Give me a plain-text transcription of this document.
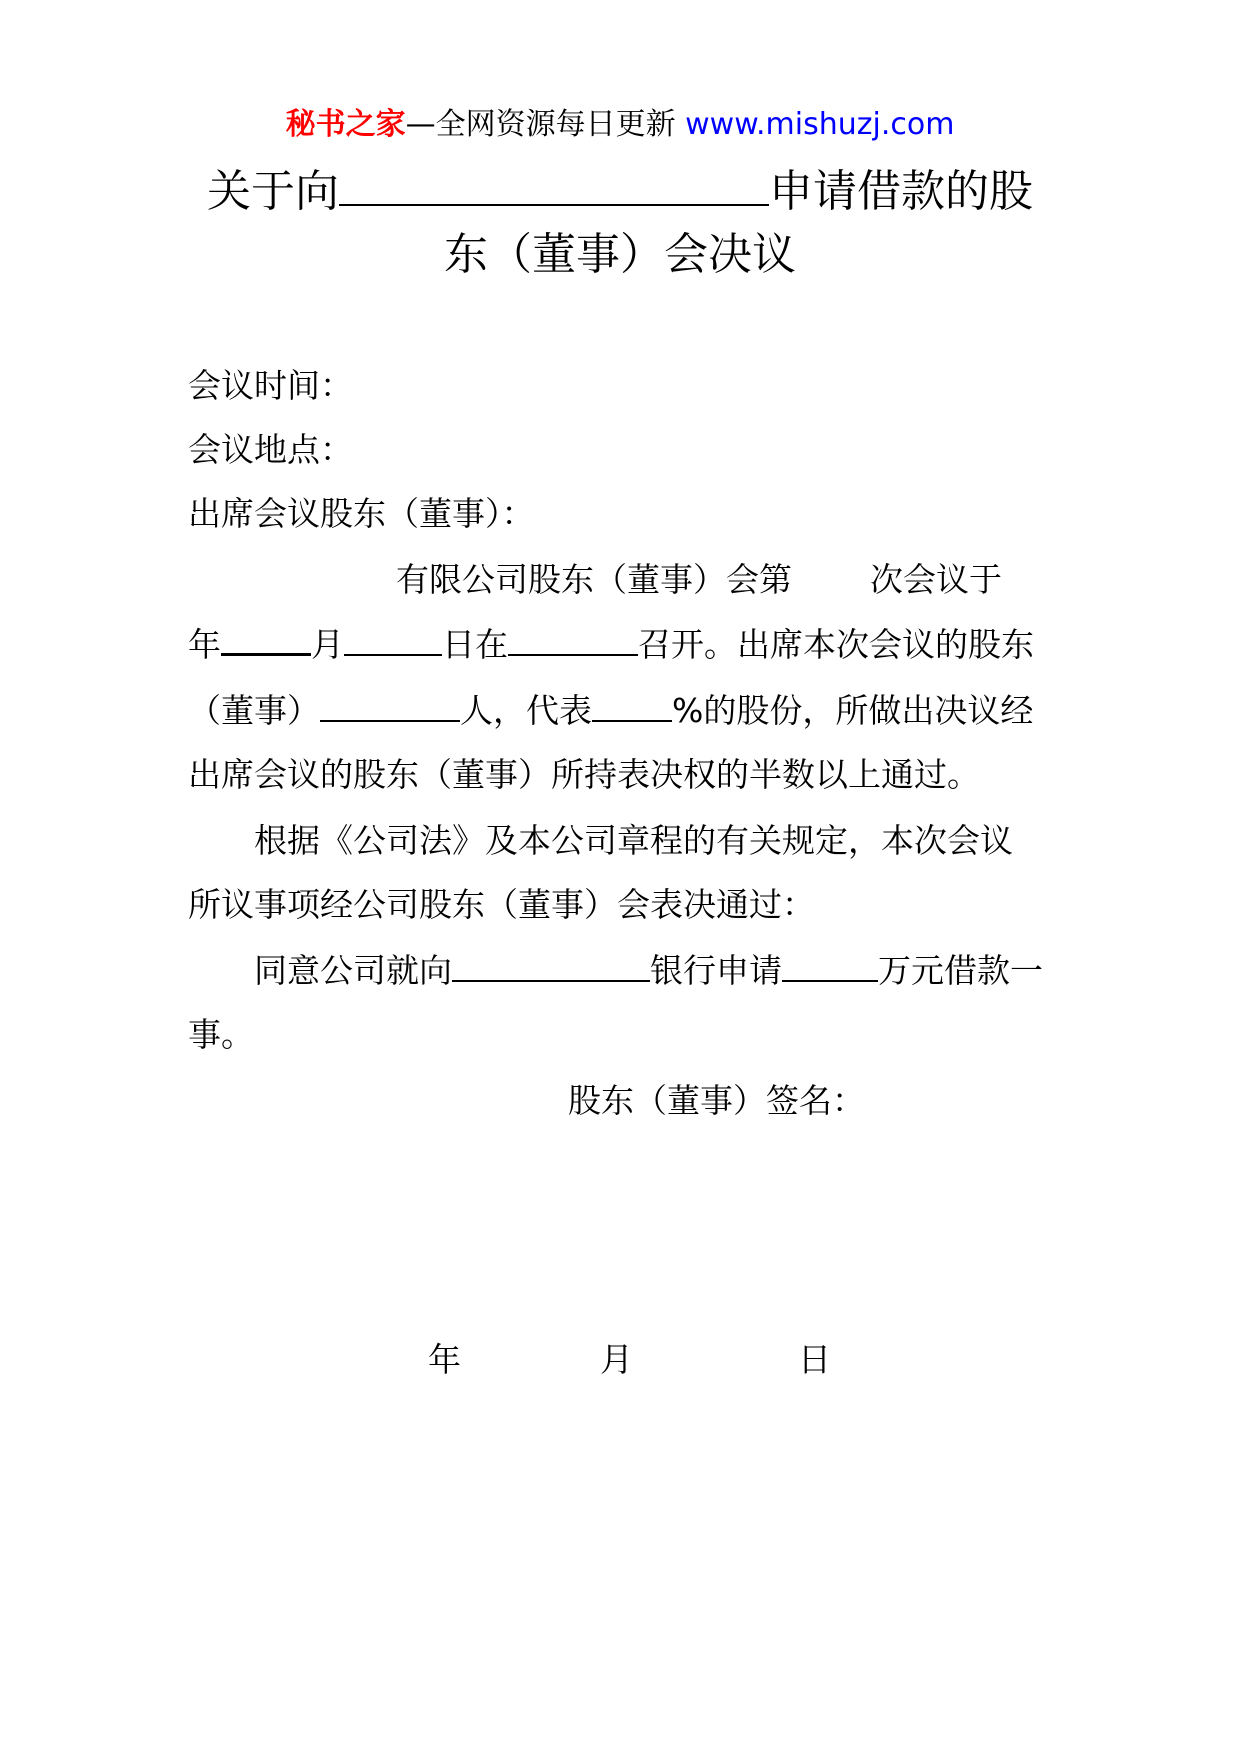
秘书之家—全网资源每日更新 www.mishuzj.com
关于向	申请借款的股
东（董事）会决议
会议时间：
会议地点：
出席会议股东（董事）：
有限公司股东（董事）会第 次会议于
年	月	日在	召开。出席本次会议的股东
（董事）	人，代表 %的股份，所做出决议经
出席会议的股东（董事）所持表决权的半数以上通过。
根据《公司法》及本公司章程的有关规定，本次会议
所议事项经公司股东（董事）会表决通过：
同意公司就向	银行申请	万元借款一
事。
股东（董事）签名：
年	月	日
